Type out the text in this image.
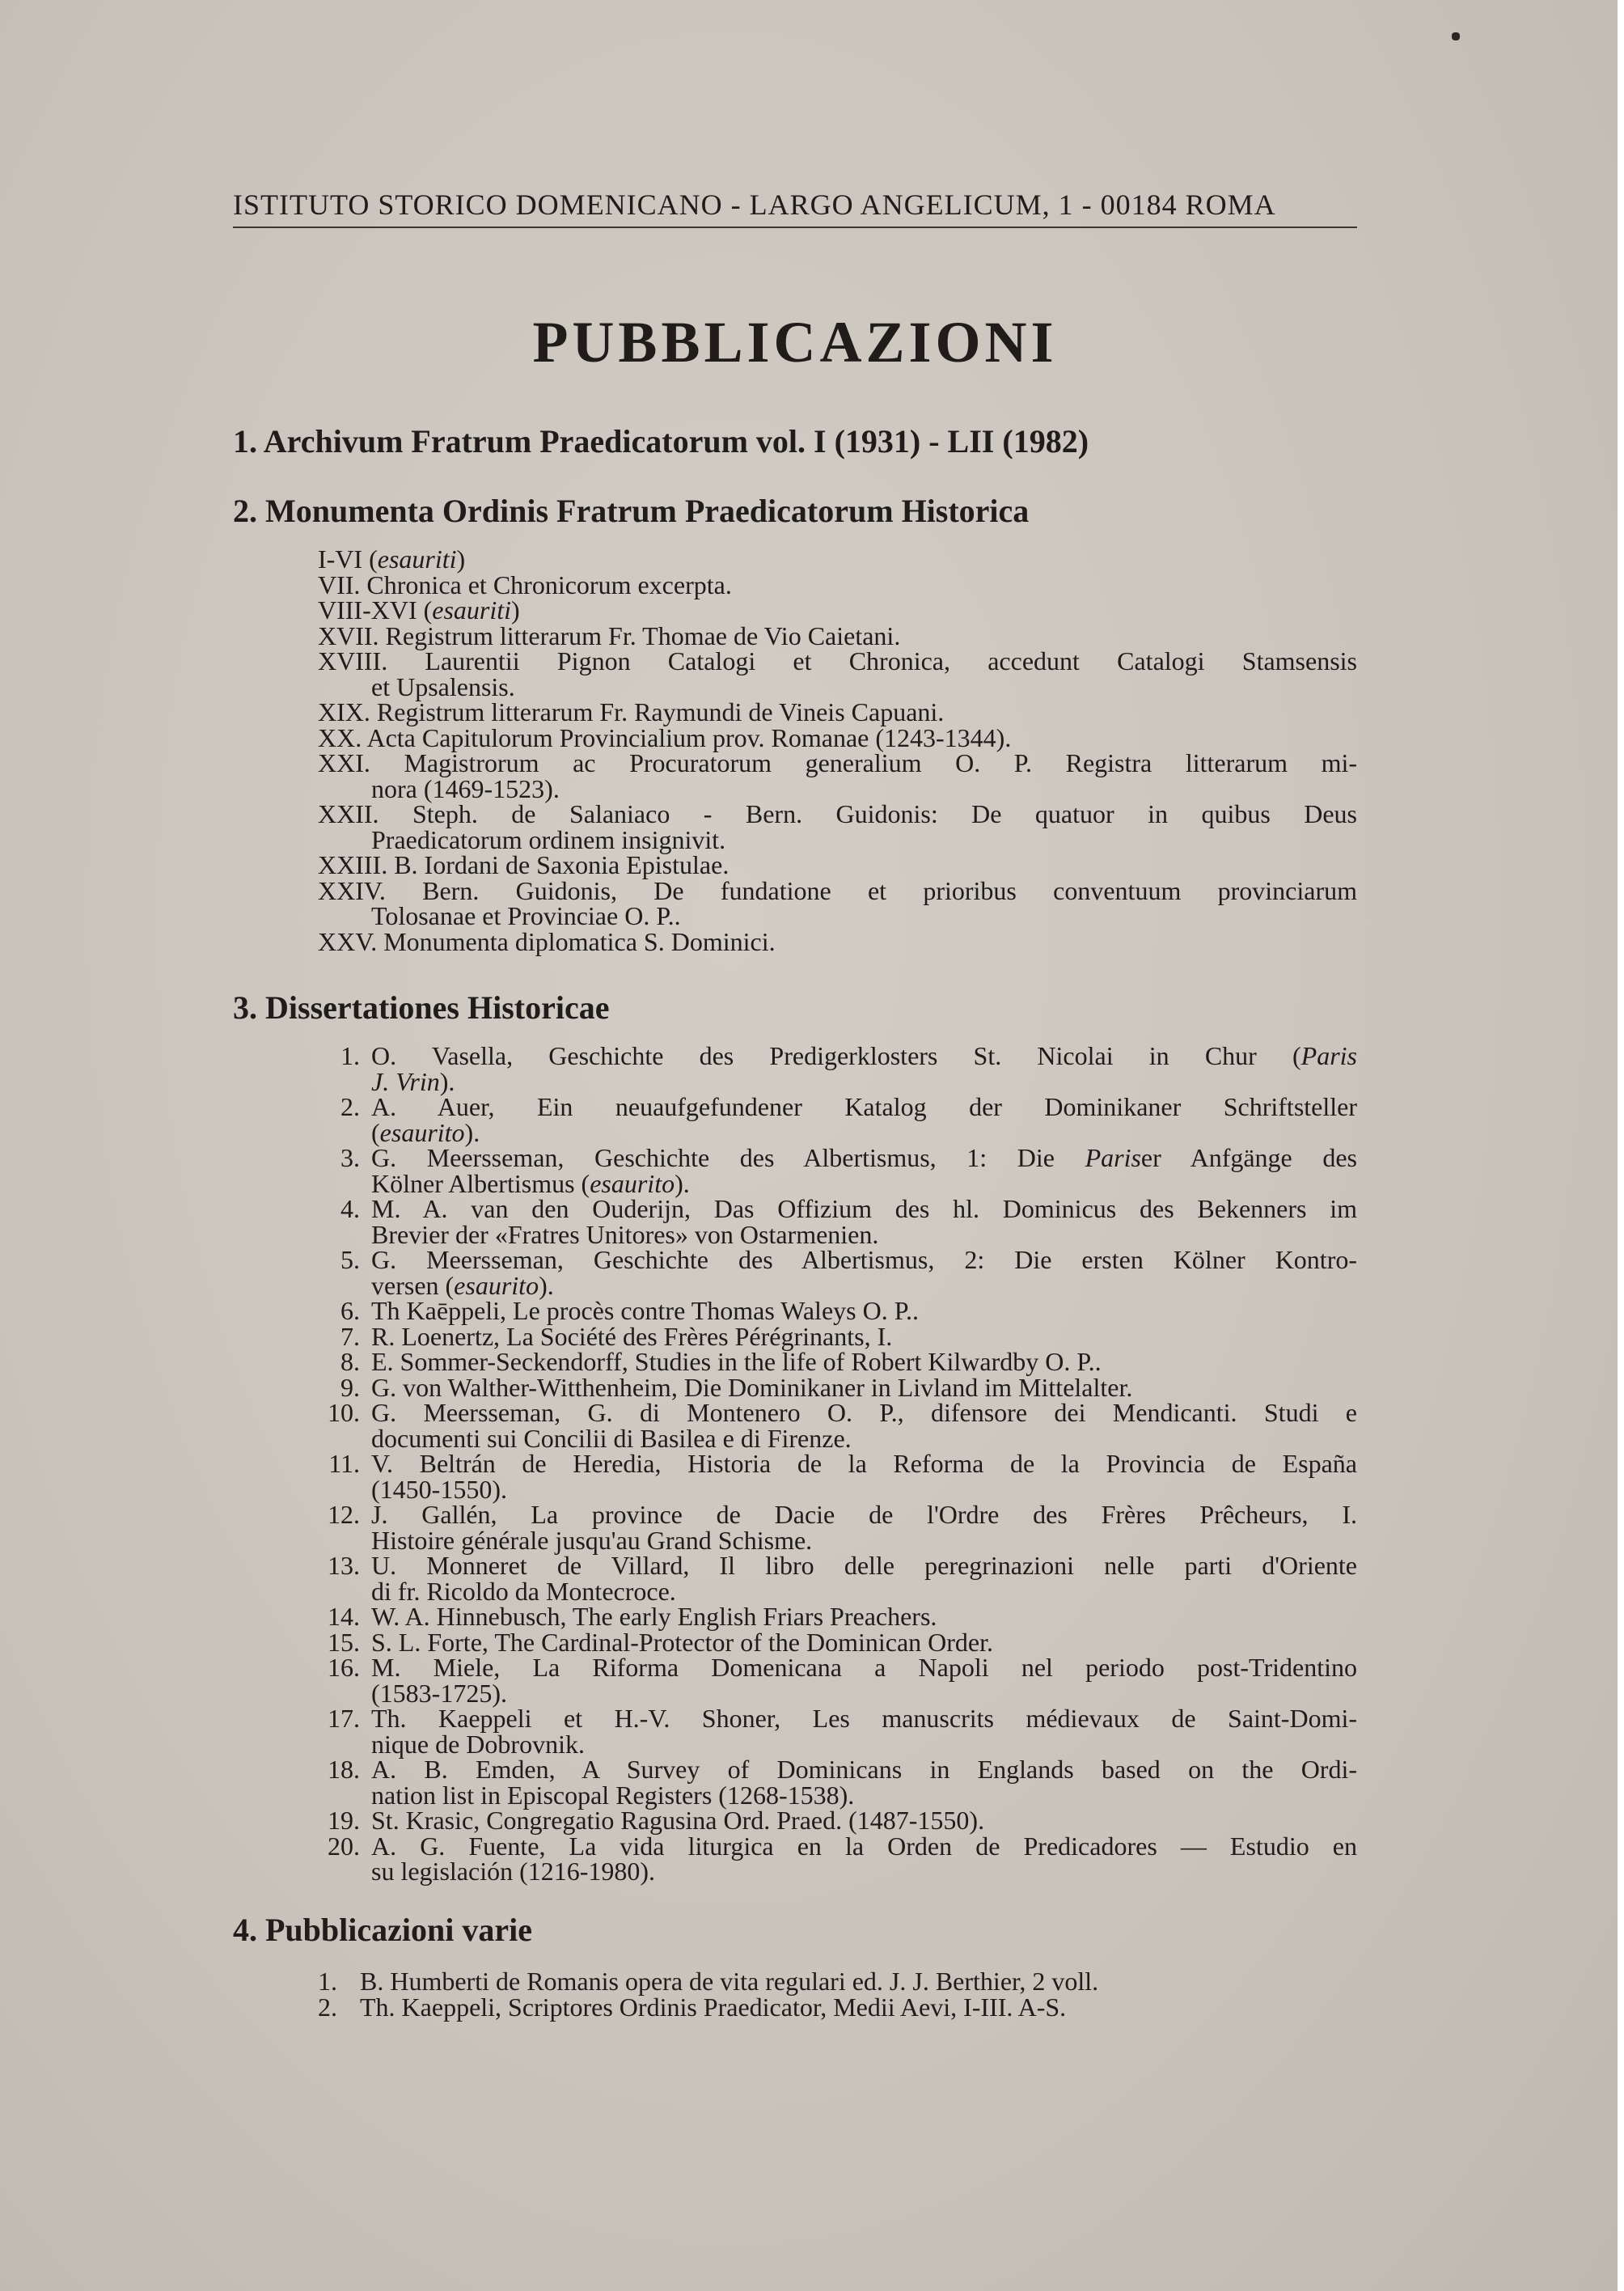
ISTITUTO STORICO DOMENICANO - LARGO ANGELICUM, 1 - 00184 ROMA
PUBBLICAZIONI
1. Archivum Fratrum Praedicatorum vol. I (1931) - LII (1982)
2. Monumenta Ordinis Fratrum Praedicatorum Historica
I-VI (esauriti)
VII. Chronica et Chronicorum excerpta.
VIII-XVI (esauriti)
XVII. Registrum litterarum Fr. Thomae de Vio Caietani.
XVIII. Laurentii Pignon Catalogi et Chronica, accedunt Catalogi Stamsensis
et Upsalensis.
XIX. Registrum litterarum Fr. Raymundi de Vineis Capuani.
XX. Acta Capitulorum Provincialium prov. Romanae (1243-1344).
XXI. Magistrorum ac Procuratorum generalium O. P. Registra litterarum mi-
nora (1469-1523).
XXII. Steph. de Salaniaco - Bern. Guidonis: De quatuor in quibus Deus
Praedicatorum ordinem insignivit.
XXIII. B. Iordani de Saxonia Epistulae.
XXIV. Bern. Guidonis, De fundatione et prioribus conventuum provinciarum
Tolosanae et Provinciae O. P..
XXV. Monumenta diplomatica S. Dominici.
3. Dissertationes Historicae
1. O. Vasella, Geschichte des Predigerklosters St. Nicolai in Chur (Paris
J. Vrin).
2. A. Auer, Ein neuaufgefundener Katalog der Dominikaner Schriftsteller
(esaurito).
3. G. Meersseman, Geschichte des Albertismus, 1: Die Pariser Anfgänge des
Kölner Albertismus (esaurito).
4. M. A. van den Ouderijn, Das Offizium des hl. Dominicus des Bekenners im
Brevier der «Fratres Unitores» von Ostarmenien.
5. G. Meersseman, Geschichte des Albertismus, 2: Die ersten Kölner Kontro-
versen (esaurito).
6. Th Kaēppeli, Le procès contre Thomas Waleys O. P..
7. R. Loenertz, La Société des Frères Pérégrinants, I.
8. E. Sommer-Seckendorff, Studies in the life of Robert Kilwardby O. P..
9. G. von Walther-Witthenheim, Die Dominikaner in Livland im Mittelalter.
10. G. Meersseman, G. di Montenero O. P., difensore dei Mendicanti. Studi e
documenti sui Concilii di Basilea e di Firenze.
11. V. Beltrán de Heredia, Historia de la Reforma de la Provincia de España
(1450-1550).
12. J. Gallén, La province de Dacie de l'Ordre des Frères Prêcheurs, I.
Histoire générale jusqu'au Grand Schisme.
13. U. Monneret de Villard, Il libro delle peregrinazioni nelle parti d'Oriente
di fr. Ricoldo da Montecroce.
14. W. A. Hinnebusch, The early English Friars Preachers.
15. S. L. Forte, The Cardinal-Protector of the Dominican Order.
16. M. Miele, La Riforma Domenicana a Napoli nel periodo post-Tridentino
(1583-1725).
17. Th. Kaeppeli et H.-V. Shoner, Les manuscrits médievaux de Saint-Domi-
nique de Dobrovnik.
18. A. B. Emden, A Survey of Dominicans in Englands based on the Ordi-
nation list in Episcopal Registers (1268-1538).
19. St. Krasic, Congregatio Ragusina Ord. Praed. (1487-1550).
20. A. G. Fuente, La vida liturgica en la Orden de Predicadores — Estudio en
su legislación (1216-1980).
4. Pubblicazioni varie
1. B. Humberti de Romanis opera de vita regulari ed. J. J. Berthier, 2 voll.
2. Th. Kaeppeli, Scriptores Ordinis Praedicator, Medii Aevi, I-III. A-S.
